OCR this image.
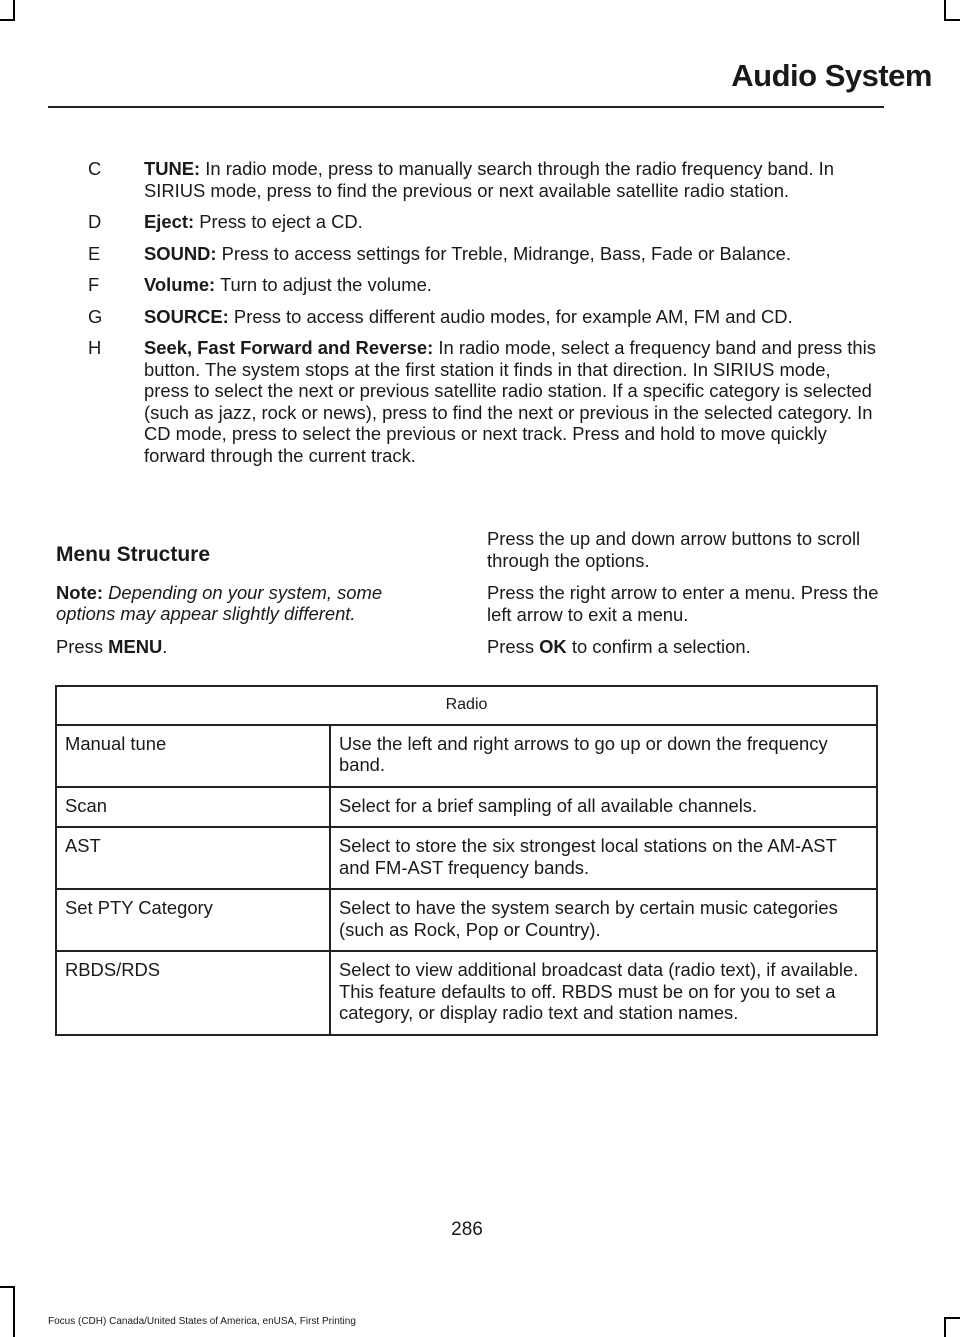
Audio System
C	TUNE: In radio mode, press to manually search through the radio frequency band. In SIRIUS mode, press to find the previous or next available satellite radio station.
D	Eject: Press to eject a CD.
E	SOUND: Press to access settings for Treble, Midrange, Bass, Fade or Balance.
F	Volume: Turn to adjust the volume.
G	SOURCE: Press to access different audio modes, for example AM, FM and CD.
H	Seek, Fast Forward and Reverse: In radio mode, select a frequency band and press this button. The system stops at the first station it finds in that direction. In SIRIUS mode, press to select the next or previous satellite radio station. If a specific category is selected (such as jazz, rock or news), press to find the next or previous in the selected category. In CD mode, press to select the previous or next track. Press and hold to move quickly forward through the current track.

Menu Structure

Note: Depending on your system, some options may appear slightly different.

Press MENU.

Press the up and down arrow buttons to scroll through the options.

Press the right arrow to enter a menu. Press the left arrow to exit a menu.

Press OK to confirm a selection.

Radio	
Manual tune	Use the left and right arrows to go up or down the frequency band.
Scan	Select for a brief sampling of all available channels.
AST	Select to store the six strongest local stations on the AM-AST and FM-AST frequency bands.
Set PTY Category	Select to have the system search by certain music categories (such as Rock, Pop or Country).
RBDS/RDS	Select to view additional broadcast data (radio text), if available. This feature defaults to off. RBDS must be on for you to set a category, or display radio text and station names.
286
Focus (CDH) Canada/United States of America, enUSA, First Printing
